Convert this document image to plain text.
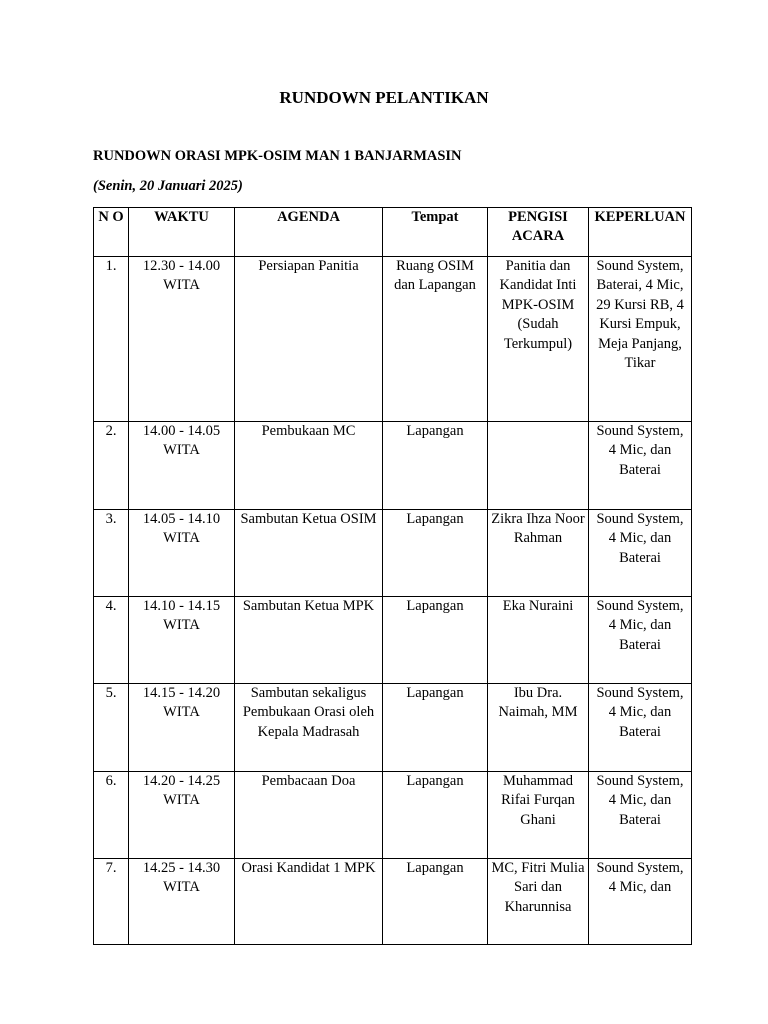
RUNDOWN PELANTIKAN

RUNDOWN ORASI MPK-OSIM MAN 1 BANJARMASIN

(Senin, 20 Januari 2025)

N O	WAKTU	AGENDA	Tempat	PENGISI ACARA	KEPERLUAN
1.	12.30 - 14.00 WITA	Persiapan Panitia	Ruang OSIM dan Lapangan	Panitia dan Kandidat Inti MPK-OSIM (Sudah Terkumpul)	Sound System, Baterai, 4 Mic, 29 Kursi RB, 4 Kursi Empuk, Meja Panjang, Tikar
2.	14.00 - 14.05 WITA	Pembukaan MC	Lapangan		Sound System, 4 Mic, dan Baterai
3.	14.05 - 14.10 WITA	Sambutan Ketua OSIM	Lapangan	Zikra Ihza Noor Rahman	Sound System, 4 Mic, dan Baterai
4.	14.10 - 14.15 WITA	Sambutan Ketua MPK	Lapangan	Eka Nuraini	Sound System, 4 Mic, dan Baterai
5.	14.15 - 14.20 WITA	Sambutan sekaligus Pembukaan Orasi oleh Kepala Madrasah	Lapangan	Ibu Dra. Naimah, MM	Sound System, 4 Mic, dan Baterai
6.	14.20 - 14.25 WITA	Pembacaan Doa	Lapangan	Muhammad Rifai Furqan Ghani	Sound System, 4 Mic, dan Baterai
7.	14.25 - 14.30 WITA	Orasi Kandidat 1 MPK	Lapangan	MC, Fitri Mulia Sari dan Kharunnisa	Sound System, 4 Mic, dan
